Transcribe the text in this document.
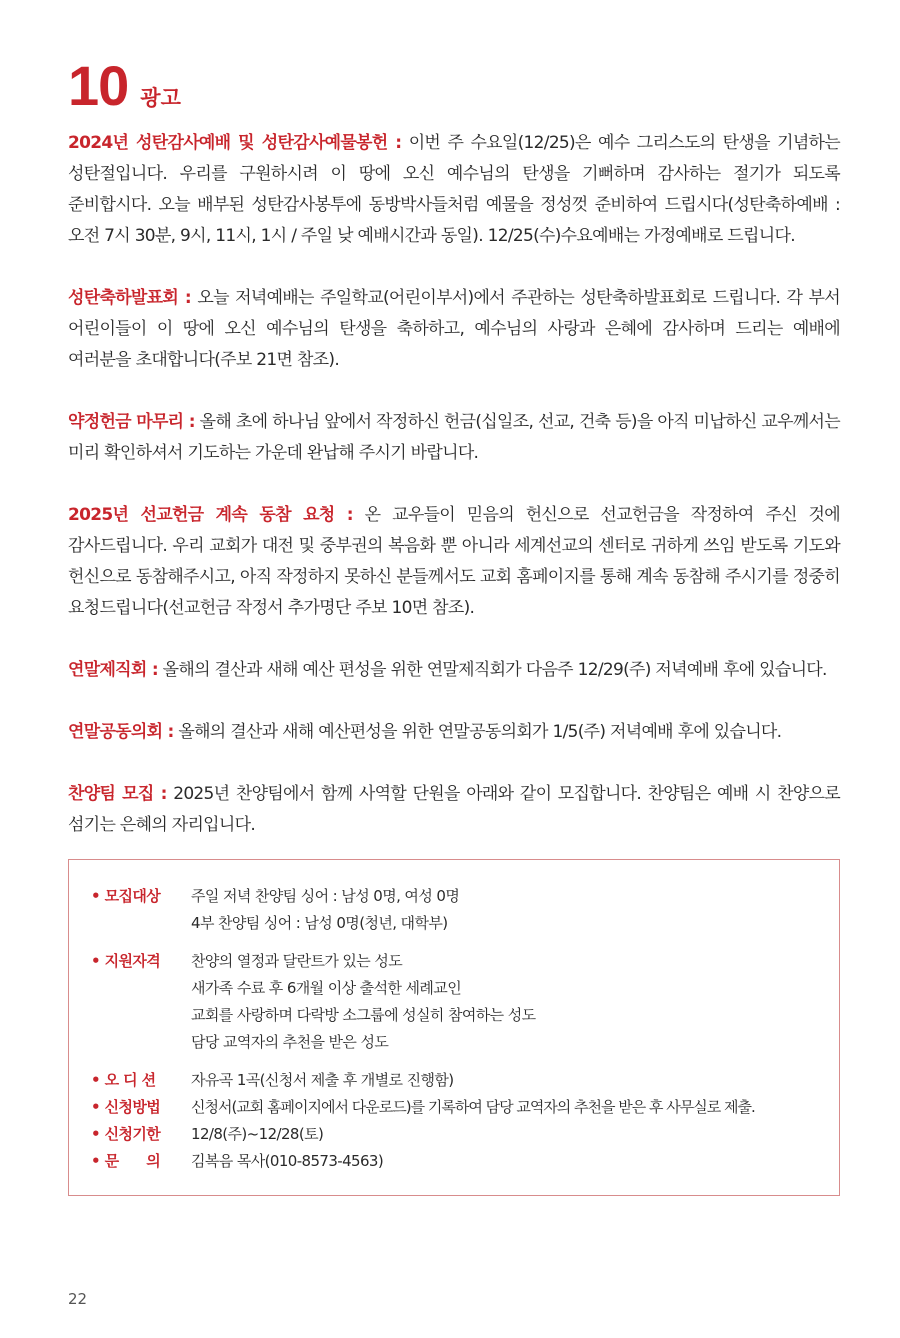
10 광고

2024년 성탄감사예배 및 성탄감사예물봉헌 : 이번 주 수요일(12/25)은 예수 그리스도의 탄생을 기념하는 성탄절입니다. 우리를 구원하시려 이 땅에 오신 예수님의 탄생을 기뻐하며 감사하는 절기가 되도록 준비합시다. 오늘 배부된 성탄감사봉투에 동방박사들처럼 예물을 정성껏 준비하여 드립시다(성탄축하예배 : 오전 7시 30분, 9시, 11시, 1시 / 주일 낮 예배시간과 동일). 12/25(수)수요예배는 가정예배로 드립니다.

성탄축하발표회 : 오늘 저녁예배는 주일학교(어린이부서)에서 주관하는 성탄축하발표회로 드립니다. 각 부서 어린이들이 이 땅에 오신 예수님의 탄생을 축하하고, 예수님의 사랑과 은혜에 감사하며 드리는 예배에 여러분을 초대합니다(주보 21면 참조).

약정헌금 마무리 : 올해 초에 하나님 앞에서 작정하신 헌금(십일조, 선교, 건축 등)을 아직 미납하신 교우께서는 미리 확인하셔서 기도하는 가운데 완납해 주시기 바랍니다.

2025년 선교헌금 계속 동참 요청 : 온 교우들이 믿음의 헌신으로 선교헌금을 작정하여 주신 것에 감사드립니다. 우리 교회가 대전 및 중부권의 복음화 뿐 아니라 세계선교의 센터로 귀하게 쓰임 받도록 기도와 헌신으로 동참해주시고, 아직 작정하지 못하신 분들께서도 교회 홈페이지를 통해 계속 동참해 주시기를 정중히 요청드립니다(선교헌금 작정서 추가명단 주보 10면 참조).

연말제직회 : 올해의 결산과 새해 예산 편성을 위한 연말제직회가 다음주 12/29(주) 저녁예배 후에 있습니다.

연말공동의회 : 올해의 결산과 새해 예산편성을 위한 연말공동의회가 1/5(주) 저녁예배 후에 있습니다.

찬양팀 모집 : 2025년 찬양팀에서 함께 사역할 단원을 아래와 같이 모집합니다. 찬양팀은 예배 시 찬양으로 섬기는 은혜의 자리입니다.

• 모집대상	주일 저녁 찬양팀 싱어 : 남성 0명, 여성 0명
4부 찬양팀 싱어 : 남성 0명(청년, 대학부)
• 지원자격	찬양의 열정과 달란트가 있는 성도
새가족 수료 후 6개월 이상 출석한 세례교인
교회를 사랑하며 다락방 소그룹에 성실히 참여하는 성도
담당 교역자의 추천을 받은 성도
• 오 디 션	자유곡 1곡(신청서 제출 후 개별로 진행함)
• 신청방법	신청서(교회 홈페이지에서 다운로드)를 기록하여 담당 교역자의 추천을 받은 후 사무실로 제출.
• 신청기한	12/8(주)~12/28(토)
• 문      의	김복음 목사(010-8573-4563)
22
